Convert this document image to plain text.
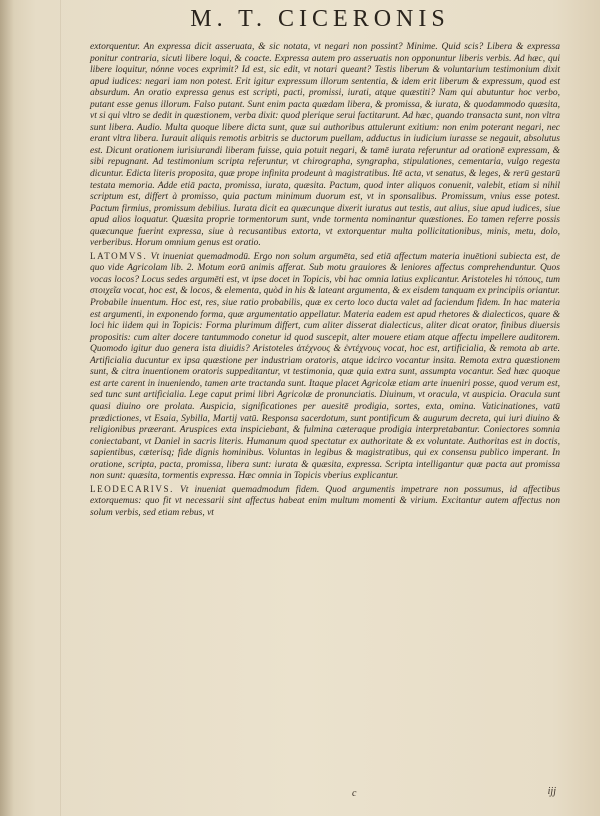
M. T. CICERONIS

extorquentur. An expressa dicit asseruata, & sic notata, vt negari non possint? Minime. Quid scis? Libera & expressa ponitur contraria, sicuti libere loqui, & coacte. Expressa autem pro asseruatis non opponuntur liberis verbis. Ad hæc, qui libere loquitur, nónne voces exprimit? Id est, sic edit, vt notari queant? Testis liberum & voluntarium testimonium dixit apud iudices: negari iam non potest. Erit igitur expressum illorum sententia, & idem erit liberum & expressum, quod est absurdum. An oratio expressa genus est scripti, pacti, promissi, iurati, atque quæstiti? Nam qui abutuntur hoc verbo, putant esse genus illorum. Falso putant. Sunt enim pacta quædam libera, & promissa, & iurata, & quodammodo quæsita, vt si qui vltro se dedit in quæstionem, verba dixit: quod plerique serui factitarunt. Ad hæc, quando transacta sunt, non vltra sunt libera. Audio. Multa quoque libere dicta sunt, quæ sui authoribus attulerunt exitium: non enim poterant negari, nec erant vltra libera. Iurauit aliquis remotis arbitris se ductorum puellam, adductus in iudicium iurasse se negauit, absolutus est. Dicunt orationem iurisiurandi liberam fuisse, quia potuit negari, & tamē iurata referuntur ad orationē expressam, & sibi repugnant. Ad testimonium scripta referuntur, vt chirographa, syngrapha, stipulationes, cementaria, vulgo regesta dicuntur. Edicta literis proposita, quæ prope infinita prodeunt à magistratibus. Itē acta, vt senatus, & leges, & rerū gestarū testata memoria. Adde etiā pacta, promissa, iurata, quæsita. Pactum, quod inter aliquos conuenit, valebit, etiam si nihil scriptum est, differt à promisso, quia pactum minimum duorum est, vt in sponsalibus. Promissum, vnius esse potest. Pactum firmius, promissum debilius. Iurata dicit ea quæcunque dixerit iuratus aut testis, aut alius, siue apud iudices, siue apud alios loquatur. Quæsita proprie tormentorum sunt, vnde tormenta nominantur quæstiones. Eo tamen referre possis quæcunque fuerint expressa, siue à recusantibus extorta, vt extorquentur multa pollicitationibus, minis, metu, dolo, verberibus. Horum omnium genus est oratio.

LATOMVS. Vt inueniat quemadmodū. Ergo non solum argumēta, sed etiā affectum materia inuētioni subiecta est, de quo vide Agricolam lib. 2. Motum eorū animis afferat. Sub motu grauiores & leniores affectus comprehenduntur. Quos vocas locos? Locus sedes argumēti est, vt ipse docet in Topicis, vbi hac omnia latius explicantur. Aristoteles hi τόπους, tum στοιχεῖα vocat, hoc est, & locos, & elementa, quòd in his & lateant argumenta, & ex eisdem tanquam ex principiis oriantur. Probabile inuentum. Hoc est, res, siue ratio probabilis, quæ ex certo loco ducta valet ad faciendum fidem. In hac materia est argumenti, in exponendo forma, quæ argumentatio appellatur. Materia eadem est apud rhetores & dialecticos, quare & loci hic iidem qui in Topicis: Forma plurimum differt, cum aliter disserat dialecticus, aliter dicat orator, finibus diuersis propositis: cum alter docere tantummodo conetur id quod suscepit, alter mouere etiam atque affectu impellere auditorem. Quomodo igitur duo genera ista diuidis? Aristoteles ἀτέχνους & ἐντέχνους vocat, hoc est, artificialia, & remota ab arte. Artificialia ducuntur ex ipsa quæstione per industriam oratoris, atque idcirco vocantur insita. Remota extra quæstionem sunt, & citra inuentionem oratoris suppeditantur, vt testimonia, quæ quia extra sunt, assumpta vocantur. Sed hæc quoque est arte carent in inueniendo, tamen arte tractanda sunt. Itaque placet Agricolæ etiam arte inueniri posse, quod verum est, sed tunc sunt artificialia. Lege caput primi libri Agricolæ de pronunciatis. Diuinum, vt oracula, vt auspicia. Oracula sunt quasi diuino ore prolata. Auspicia, significationes per auesitē prodigia, sortes, exta, omina. Vaticinationes, vatū prædictiones, vt Esaia, Sybilla, Martij vatū. Responsa sacerdotum, sunt pontificum & augurum decreta, qui iuri diuino & religionibus præerant. Aruspices exta inspiciebant, & fulmina cæteraque prodigia interpretabantur. Coniectores somnia coniectabant, vt Daniel in sacris literis. Humanum quod spectatur ex authoritate & ex voluntate. Authoritas est in doctis, sapientibus, cæterisq; fide dignis hominibus. Voluntas in legibus & magistratibus, qui ex consensu publico imperant. In oratione, scripta, pacta, promissa, libera sunt: iurata & quæsita, expressa. Scripta intelligantur quæ pacta aut promissa non sunt: quæsita, tormentis expressa. Hæc omnia in Topicis vberius explicantur.

LEODECARIVS. Vt inueniat quemadmodum fidem. Quod argumentis impetrare non possumus, id affectibus extorquemus: quo fit vt necessarii sint affectus habeat enim multum momenti & virium. Excitantur autem affectus non solum verbis, sed etiam rebus, vt

c	ijj
